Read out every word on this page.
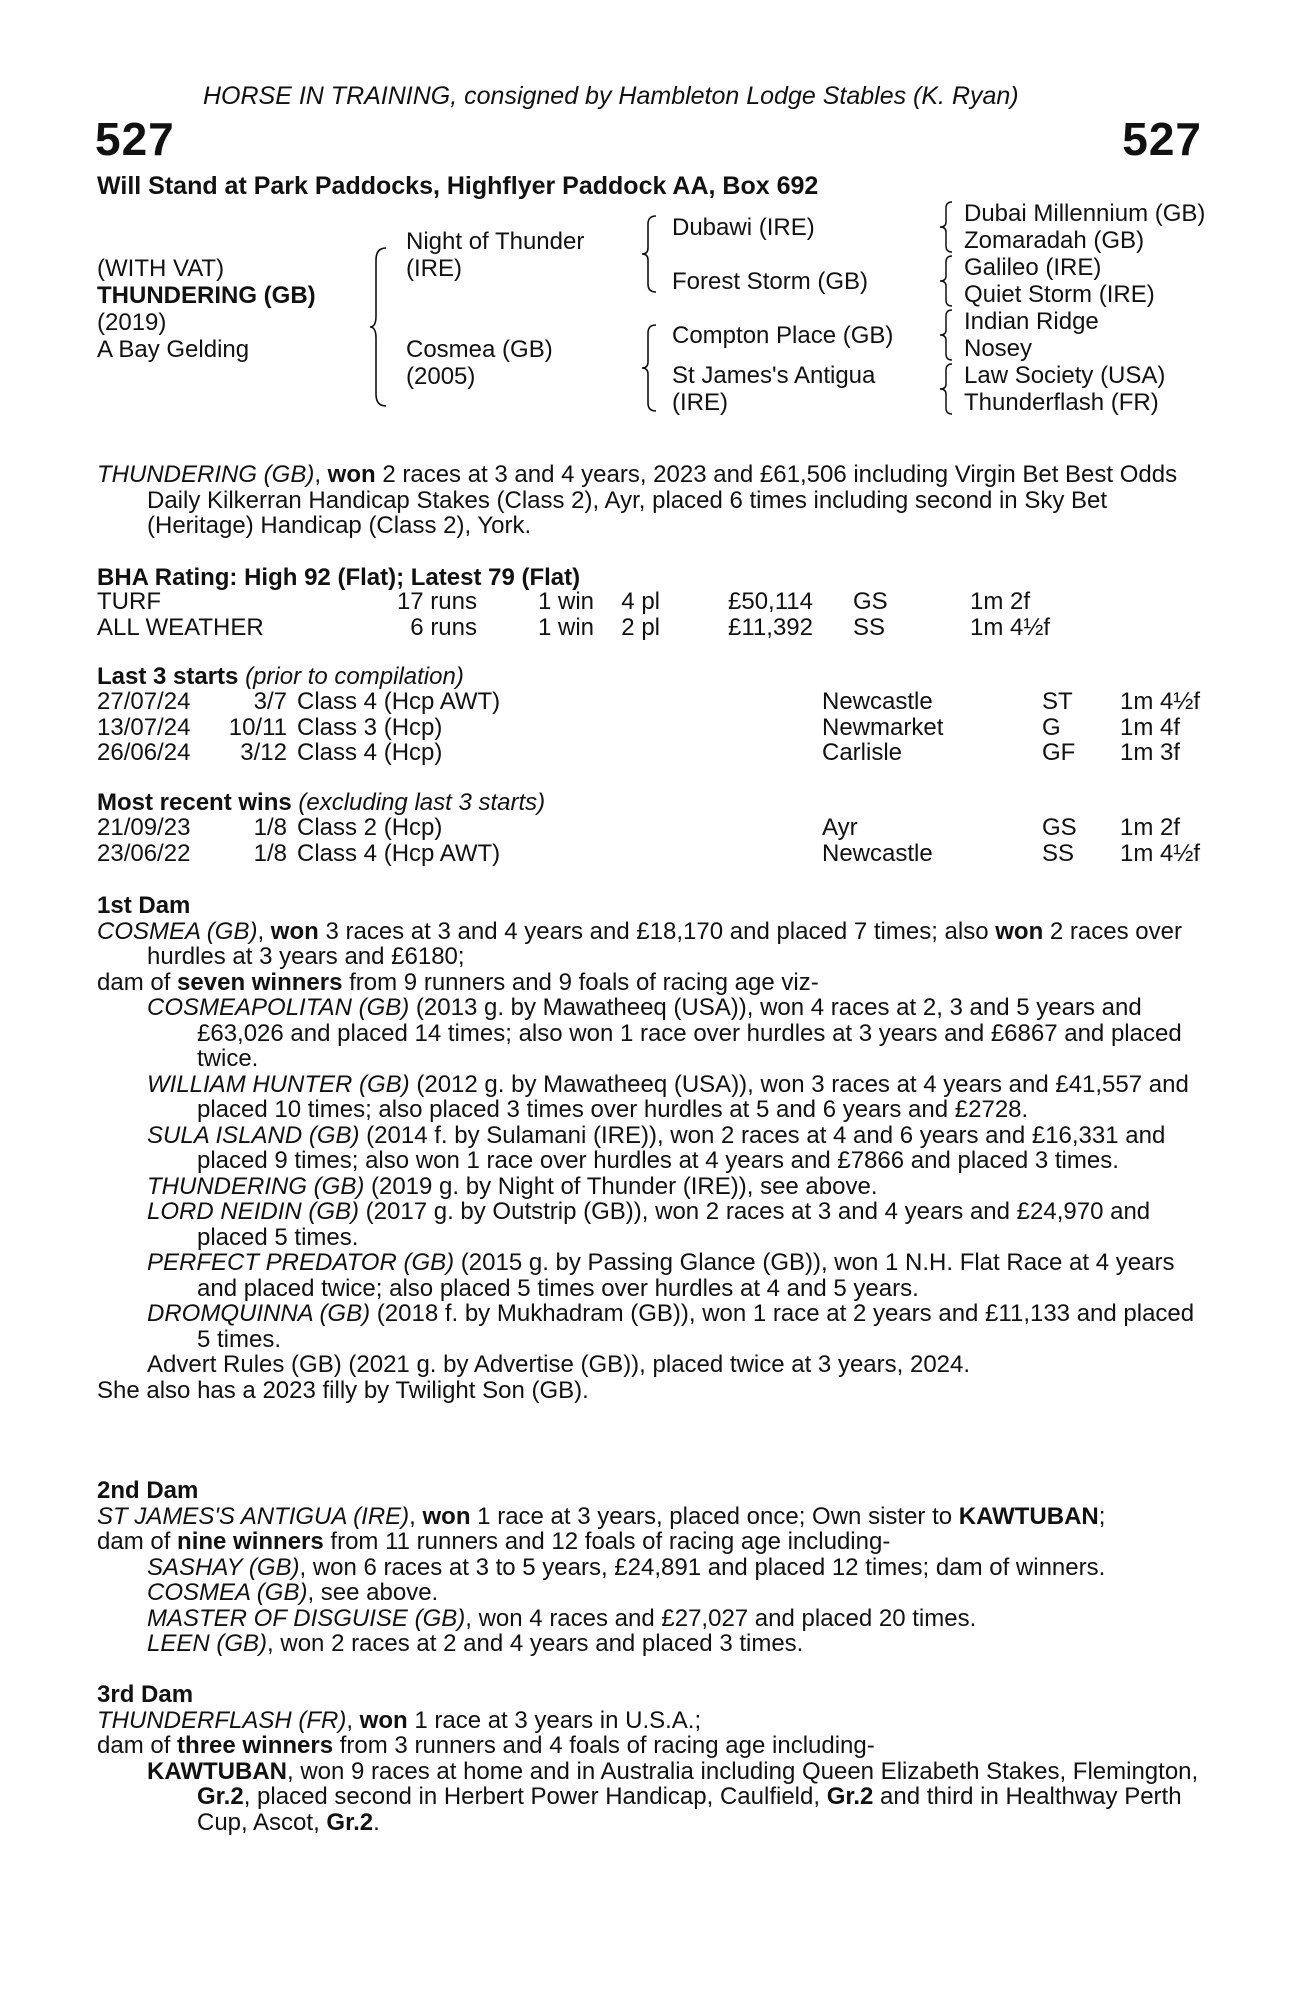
HORSE IN TRAINING, consigned by Hambleton Lodge Stables (K. Ryan)
527	527
Will Stand at Park Paddocks, Highflyer Paddock AA, Box 692
(WITH VAT)
THUNDERING (GB)
(2019)
A Bay Gelding
Night of Thunder
(IRE)
Cosmea (GB)
(2005)
Dubawi (IRE)
Forest Storm (GB)
Compton Place (GB)
St James's Antigua
(IRE)
Dubai Millennium (GB)
Zomaradah (GB)
Galileo (IRE)
Quiet Storm (IRE)
Indian Ridge
Nosey
Law Society (USA)
Thunderflash (FR)
THUNDERING (GB), won 2 races at 3 and 4 years, 2023 and £61,506 including Virgin Bet Best Odds Daily Kilkerran Handicap Stakes (Class 2), Ayr, placed 6 times including second in Sky Bet (Heritage) Handicap (Class 2), York.
BHA Rating: High 92 (Flat); Latest 79 (Flat)
TURF	17 runs	1 win	4 pl	£50,114		GS	1m 2f
ALL WEATHER	6 runs	1 win	2 pl	£11,392		SS	1m 4½f
Last 3 starts (prior to compilation)
27/07/24	3/7	Class 4 (Hcp AWT)	Newcastle	ST	1m 4½f
13/07/24	10/11	Class 3 (Hcp)	Newmarket	G	1m 4f
26/06/24	3/12	Class 4 (Hcp)	Carlisle	GF	1m 3f
Most recent wins (excluding last 3 starts)
21/09/23	1/8	Class 2 (Hcp)	Ayr	GS	1m 2f
23/06/22	1/8	Class 4 (Hcp AWT)	Newcastle	SS	1m 4½f
1st Dam
COSMEA (GB), won 3 races at 3 and 4 years and £18,170 and placed 7 times; also won 2 races over hurdles at 3 years and £6180;
dam of seven winners from 9 runners and 9 foals of racing age viz-
COSMEAPOLITAN (GB) (2013 g. by Mawatheeq (USA)), won 4 races at 2, 3 and 5 years and £63,026 and placed 14 times; also won 1 race over hurdles at 3 years and £6867 and placed twice.
WILLIAM HUNTER (GB) (2012 g. by Mawatheeq (USA)), won 3 races at 4 years and £41,557 and placed 10 times; also placed 3 times over hurdles at 5 and 6 years and £2728.
SULA ISLAND (GB) (2014 f. by Sulamani (IRE)), won 2 races at 4 and 6 years and £16,331 and placed 9 times; also won 1 race over hurdles at 4 years and £7866 and placed 3 times.
THUNDERING (GB) (2019 g. by Night of Thunder (IRE)), see above.
LORD NEIDIN (GB) (2017 g. by Outstrip (GB)), won 2 races at 3 and 4 years and £24,970 and placed 5 times.
PERFECT PREDATOR (GB) (2015 g. by Passing Glance (GB)), won 1 N.H. Flat Race at 4 years and placed twice; also placed 5 times over hurdles at 4 and 5 years.
DROMQUINNA (GB) (2018 f. by Mukhadram (GB)), won 1 race at 2 years and £11,133 and placed 5 times.
Advert Rules (GB) (2021 g. by Advertise (GB)), placed twice at 3 years, 2024.
She also has a 2023 filly by Twilight Son (GB).
2nd Dam
ST JAMES'S ANTIGUA (IRE), won 1 race at 3 years, placed once; Own sister to KAWTUBAN;
dam of nine winners from 11 runners and 12 foals of racing age including-
SASHAY (GB), won 6 races at 3 to 5 years, £24,891 and placed 12 times; dam of winners.
COSMEA (GB), see above.
MASTER OF DISGUISE (GB), won 4 races and £27,027 and placed 20 times.
LEEN (GB), won 2 races at 2 and 4 years and placed 3 times.
3rd Dam
THUNDERFLASH (FR), won 1 race at 3 years in U.S.A.;
dam of three winners from 3 runners and 4 foals of racing age including-
KAWTUBAN, won 9 races at home and in Australia including Queen Elizabeth Stakes, Flemington, Gr.2, placed second in Herbert Power Handicap, Caulfield, Gr.2 and third in Healthway Perth Cup, Ascot, Gr.2.
